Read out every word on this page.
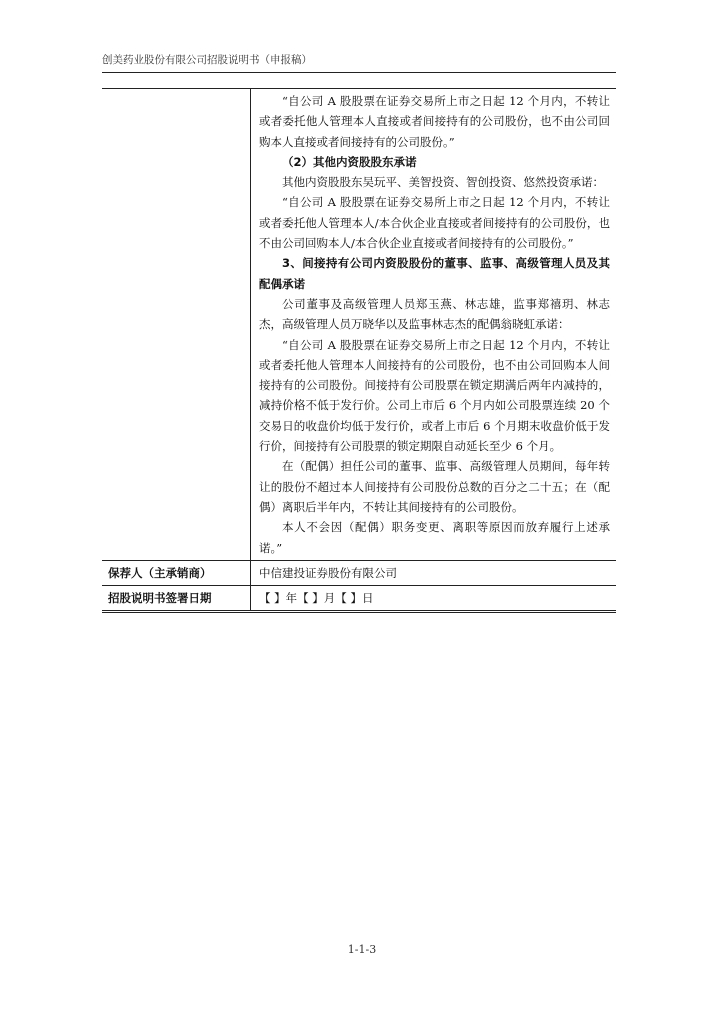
创美药业股份有限公司招股说明书（申报稿）

“自公司 A 股股票在证券交易所上市之日起 12 个月内，不转让或者委托他人管理本人直接或者间接持有的公司股份，也不由公司回购本人直接或者间接持有的公司股份。”

（2）其他内资股股东承诺

其他内资股股东吴玩平、美智投资、智创投资、悠然投资承诺：

“自公司 A 股股票在证券交易所上市之日起 12 个月内，不转让或者委托他人管理本人/本合伙企业直接或者间接持有的公司股份，也不由公司回购本人/本合伙企业直接或者间接持有的公司股份。”

3、间接持有公司内资股股份的董事、监事、高级管理人员及其配偶承诺

公司董事及高级管理人员郑玉燕、林志雄，监事郑禧玥、林志杰，高级管理人员万晓华以及监事林志杰的配偶翁晓虹承诺：

“自公司 A 股股票在证券交易所上市之日起 12 个月内，不转让或者委托他人管理本人间接持有的公司股份，也不由公司回购本人间接持有的公司股份。间接持有公司股票在锁定期满后两年内减持的，减持价格不低于发行价。公司上市后 6 个月内如公司股票连续 20 个交易日的收盘价均低于发行价，或者上市后 6 个月期末收盘价低于发行价，间接持有公司股票的锁定期限自动延长至少 6 个月。

在（配偶）担任公司的董事、监事、高级管理人员期间，每年转让的股份不超过本人间接持有公司股份总数的百分之二十五；在（配偶）离职后半年内，不转让其间接持有的公司股份。

本人不会因（配偶）职务变更、离职等原因而放弃履行上述承诺。”

保荐人（主承销商）	中信建投证券股份有限公司
招股说明书签署日期	【 】年【 】月【 】日
1-1-3
